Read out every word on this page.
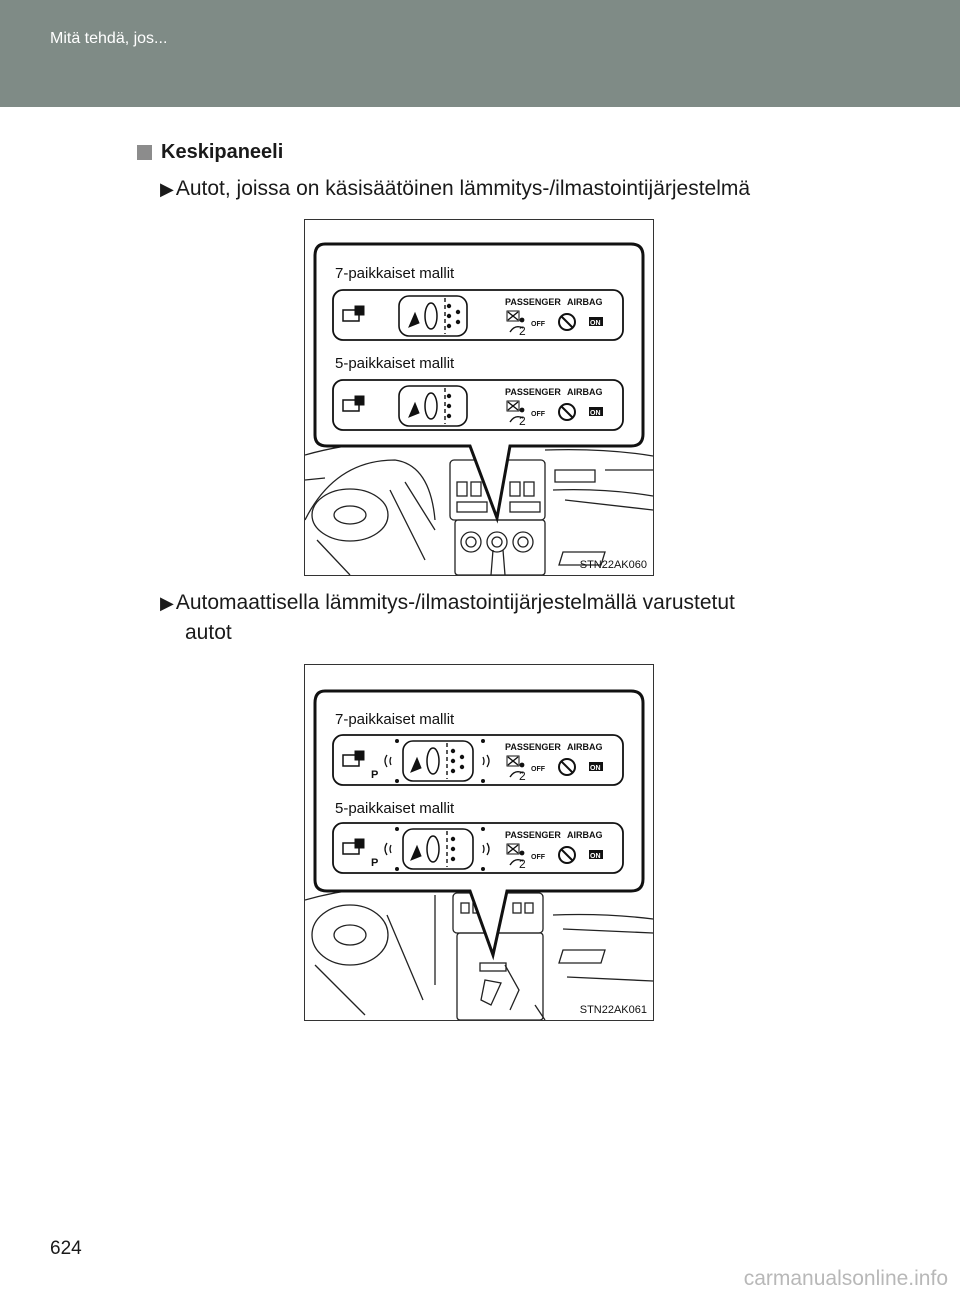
Mitä tehdä, jos...
Keskipaneeli
▶Autot, joissa on käsisäätöinen lämmitys-/ilmastointijärjestelmä
7-paikkaiset mallit
5-paikkaiset mallit
PASSENGER AIRBAG
OFF	ON
2
PASSENGER AIRBAG
OFF	ON
2
STN22AK060
▶Automaattisella lämmitys-/ilmastointijärjestelmällä varustetut
autot
7-paikkaiset mallit
5-paikkaiset mallit
P
P
PASSENGER AIRBAG
OFF	ON
2
PASSENGER AIRBAG
OFF	ON
2
STN22AK061
624
carmanualsonline.info
